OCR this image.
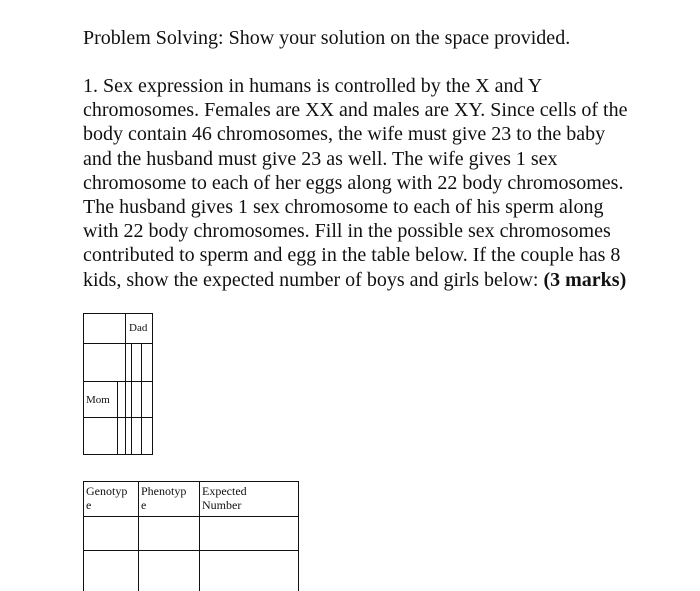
Problem Solving: Show your solution on the space provided.

1. Sex expression in humans is controlled by the X and Y chromosomes. Females are XX and males are XY. Since cells of the body contain 46 chromosomes, the wife must give 23 to the baby and the husband must give 23 as well. The wife gives 1 sex chromosome to each of her eggs along with 22 body chromosomes. The husband gives 1 sex chromosome to each of his sperm along with 22 body chromosomes. Fill in the possible sex chromosomes contributed to sperm and egg in the table below. If the couple has 8 kids, show the expected number of boys and girls below: (3 marks)

Dad
Mom
Genotyp
e
Phenotyp
e
Expected
Number
